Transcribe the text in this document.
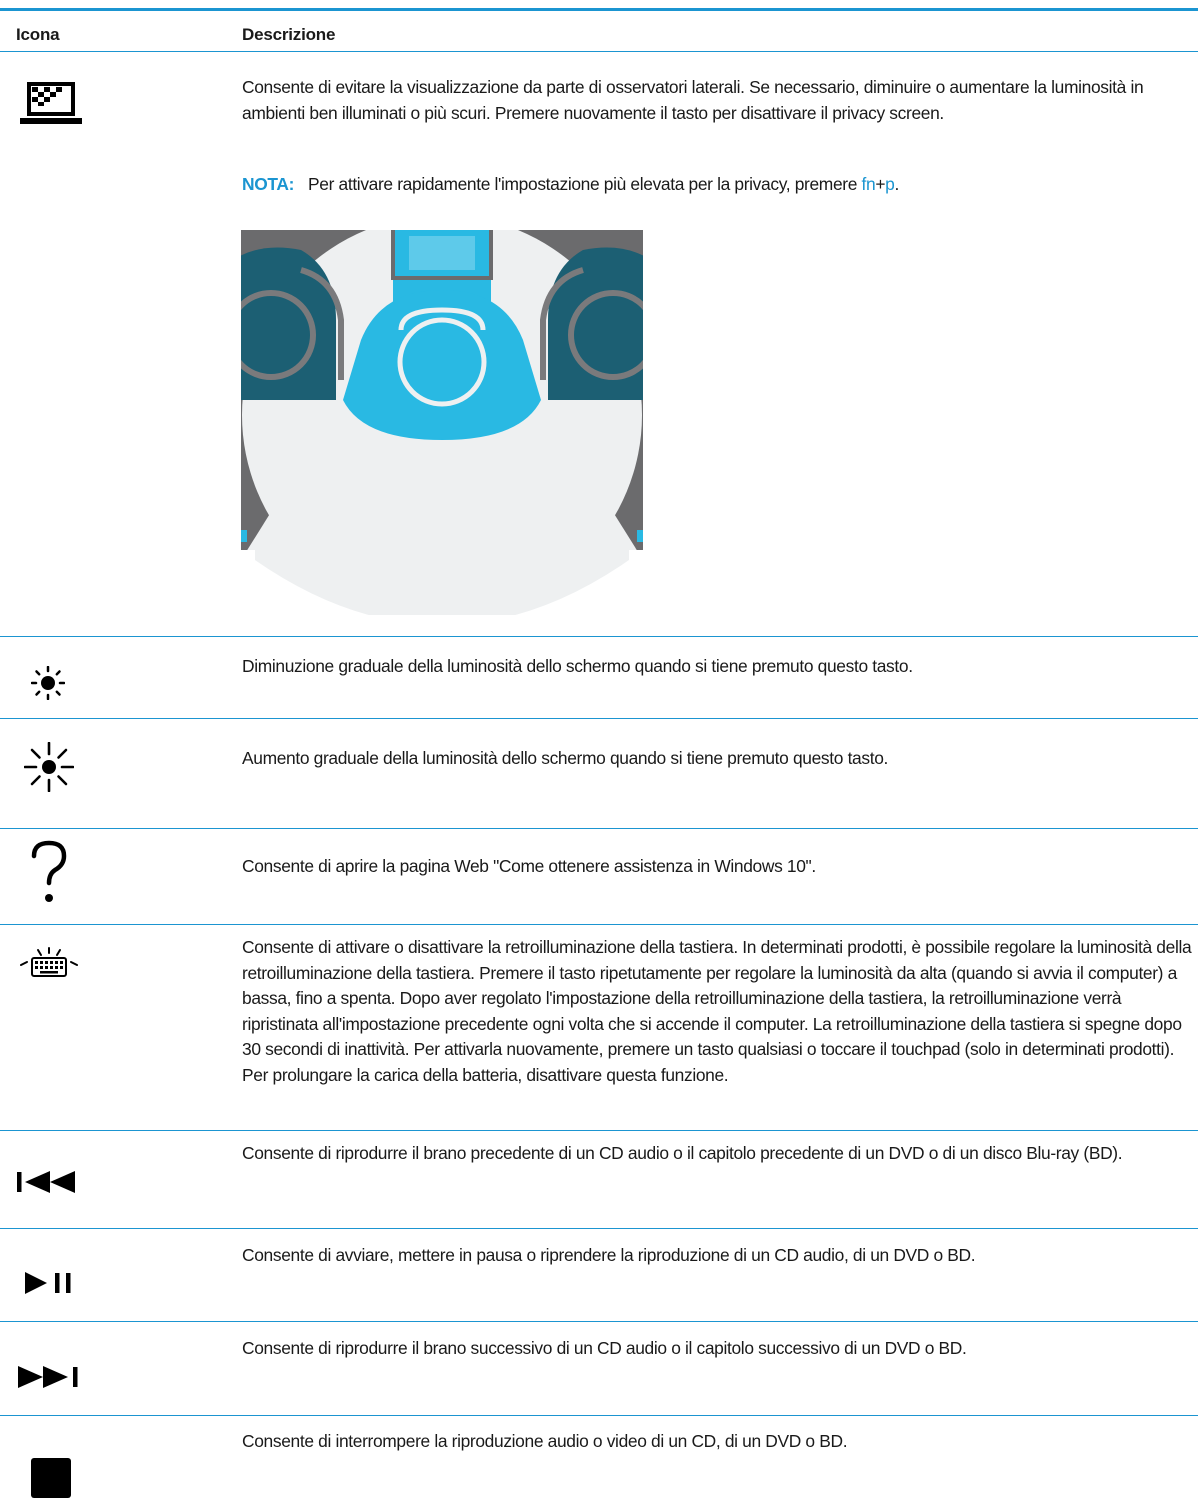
Icona	Descrizione
Consente di evitare la visualizzazione da parte di osservatori laterali. Se necessario, diminuire o aumentare la luminosità in ambienti ben illuminati o più scuri. Premere nuovamente il tasto per disattivare il privacy screen.
NOTA: Per attivare rapidamente l'impostazione più elevata per la privacy, premere fn+p.
Diminuzione graduale della luminosità dello schermo quando si tiene premuto questo tasto.
Aumento graduale della luminosità dello schermo quando si tiene premuto questo tasto.
Consente di aprire la pagina Web "Come ottenere assistenza in Windows 10".
Consente di attivare o disattivare la retroilluminazione della tastiera. In determinati prodotti, è possibile regolare la luminosità della retroilluminazione della tastiera. Premere il tasto ripetutamente per regolare la luminosità da alta (quando si avvia il computer) a bassa, fino a spenta. Dopo aver regolato l'impostazione della retroilluminazione della tastiera, la retroilluminazione verrà ripristinata all'impostazione precedente ogni volta che si accende il computer. La retroilluminazione della tastiera si spegne dopo 30 secondi di inattività. Per attivarla nuovamente, premere un tasto qualsiasi o toccare il touchpad (solo in determinati prodotti). Per prolungare la carica della batteria, disattivare questa funzione.
Consente di riprodurre il brano precedente di un CD audio o il capitolo precedente di un DVD o di un disco Blu-ray (BD).
Consente di avviare, mettere in pausa o riprendere la riproduzione di un CD audio, di un DVD o BD.
Consente di riprodurre il brano successivo di un CD audio o il capitolo successivo di un DVD o BD.
Consente di interrompere la riproduzione audio o video di un CD, di un DVD o BD.
